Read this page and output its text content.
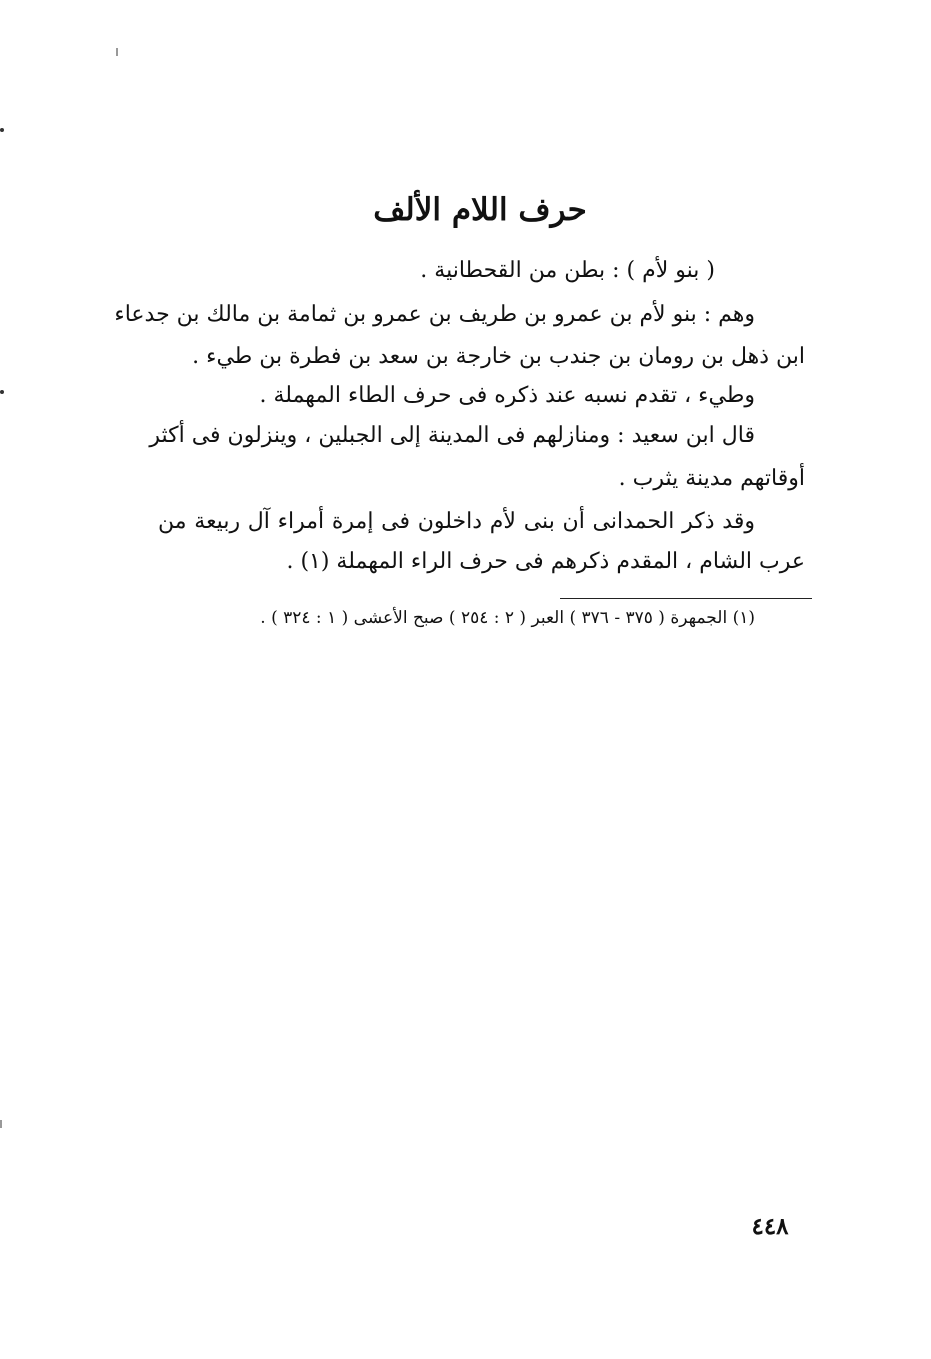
حرف اللام الألف
( بنو لأم ) : بطن من القحطانية .
وهم : بنو لأم بن عمرو بن طريف بن عمرو بن ثمامة بن مالك بن جدعاء
ابن ذهل بن رومان بن جندب بن خارجة بن سعد بن فطرة بن طيء .
وطيء ، تقدم نسبه عند ذكره فى حرف الطاء المهملة .
قال ابن سعيد : ومنازلهم فى المدينة إلى الجبلين ، وينزلون فى أكثر
أوقاتهم مدينة يثرب .
وقد ذكر الحمدانى أن بنى لأم داخلون فى إمرة أمراء آل ربيعة من
عرب الشام ، المقدم ذكرهم فى حرف الراء المهملة (١) .
(١) الجمهرة ( ٣٧٥ - ٣٧٦ ) العبر ( ٢ : ٢٥٤ ) صبح الأعشى ( ١ : ٣٢٤ ) .
٤٤٨
